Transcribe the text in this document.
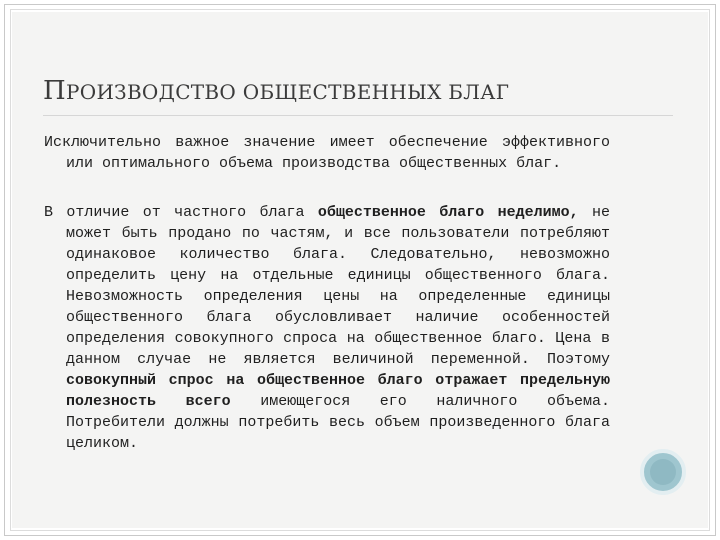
ПРОИЗВОДСТВО ОБЩЕСТВЕННЫХ БЛАГ

Исключительно важное значение имеет обеспечение эффективного или оптимального объема производства общественных благ.

В отличие от частного блага общественное благо неделимо, не может быть продано по частям, и все пользователи потребляют одинаковое количество блага. Следовательно, невозможно определить цену на отдельные единицы общественного блага. Невозможность определения цены на определенные единицы общественного блага обусловливает наличие особенностей определения совокупного спроса на общественное благо. Цена в данном случае не является величиной переменной. Поэтому совокупный спрос на общественное благо отражает предельную полезность всего имеющегося его наличного объема. Потребители должны потребить весь объем произведенного блага целиком.
